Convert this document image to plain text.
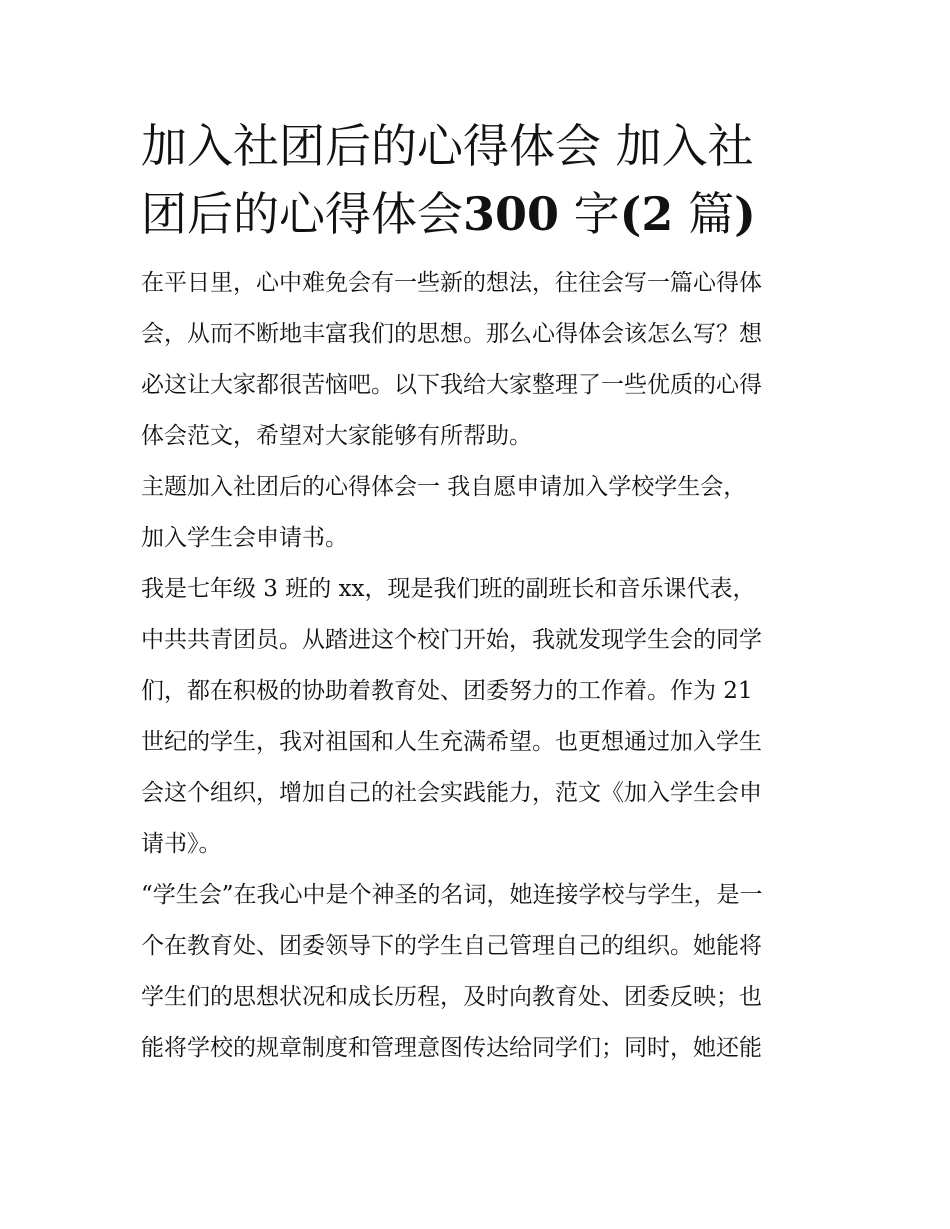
加入社团后的心得体会 加入社
团后的心得体会300 字(2 篇)
在平日里，心中难免会有一些新的想法，往往会写一篇心得体
会，从而不断地丰富我们的思想。那么心得体会该怎么写？想
必这让大家都很苦恼吧。以下我给大家整理了一些优质的心得
体会范文，希望对大家能够有所帮助。
主题加入社团后的心得体会一 我自愿申请加入学校学生会，
加入学生会申请书。
我是七年级 3 班的 xx，现是我们班的副班长和音乐课代表，
中共共青团员。从踏进这个校门开始，我就发现学生会的同学
们，都在积极的协助着教育处、团委努力的工作着。作为 21
世纪的学生，我对祖国和人生充满希望。也更想通过加入学生
会这个组织，增加自己的社会实践能力，范文《加入学生会申
请书》。
“学生会”在我心中是个神圣的名词，她连接学校与学生，是一
个在教育处、团委领导下的学生自己管理自己的组织。她能将
学生们的思想状况和成长历程，及时向教育处、团委反映；也
能将学校的规章制度和管理意图传达给同学们；同时，她还能
